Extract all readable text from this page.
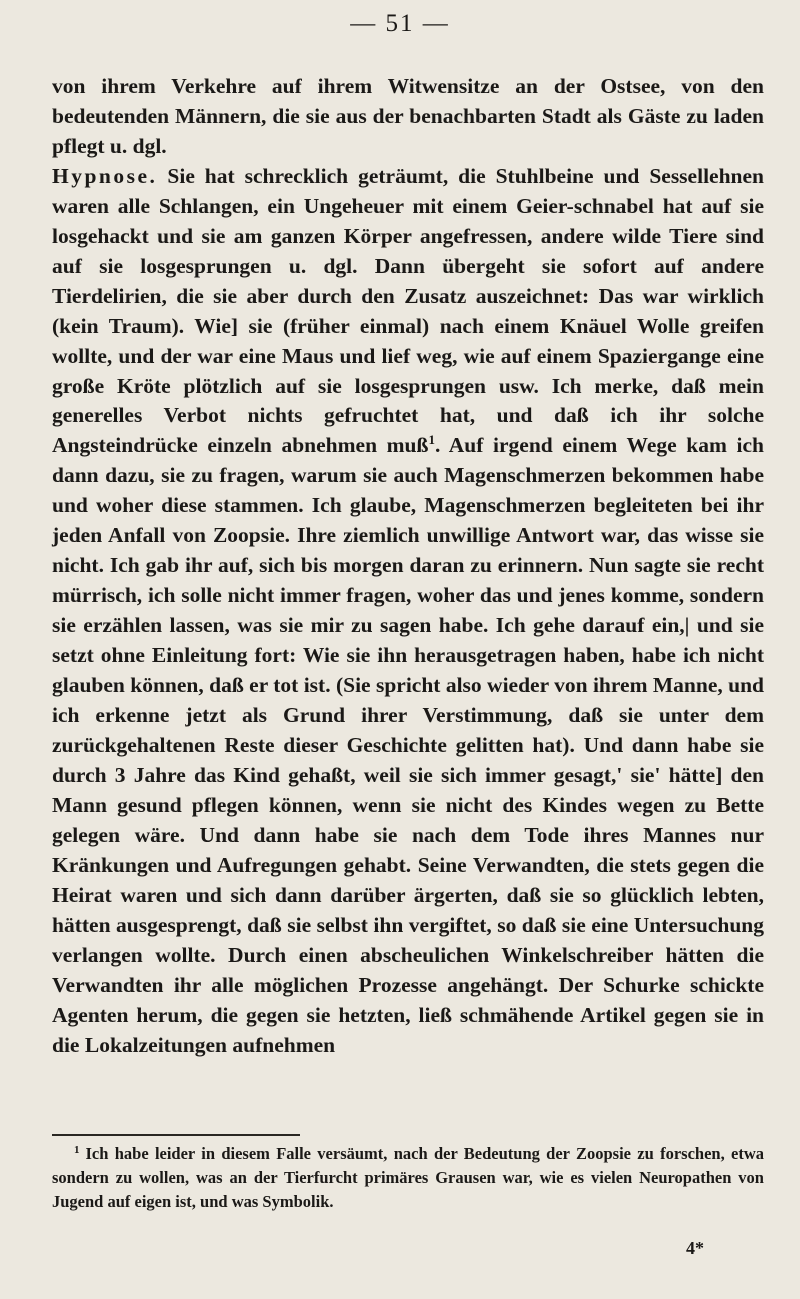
— 51 —

von ihrem Verkehre auf ihrem Witwensitze an der Ostsee, von den bedeutenden Männern, die sie aus der benachbarten Stadt als Gäste zu laden pflegt u. dgl.

Hypnose. Sie hat schrecklich geträumt, die Stuhlbeine und Sessellehnen waren alle Schlangen, ein Ungeheuer mit einem Geier-schnabel hat auf sie losgehackt und sie am ganzen Körper angefressen, andere wilde Tiere sind auf sie losgesprungen u. dgl. Dann übergeht sie sofort auf andere Tierdelirien, die sie aber durch den Zusatz auszeichnet: Das war wirklich (kein Traum). Wie] sie (früher einmal) nach einem Knäuel Wolle greifen wollte, und der war eine Maus und lief weg, wie auf einem Spaziergange eine große Kröte plötzlich auf sie losgesprungen usw. Ich merke, daß mein generelles Verbot nichts gefruchtet hat, und daß ich ihr solche Angsteindrücke einzeln abnehmen muß$^1$. Auf irgend einem Wege kam ich dann dazu, sie zu fragen, warum sie auch Magenschmerzen bekommen habe und woher diese stammen. Ich glaube, Magenschmerzen begleiteten bei ihr jeden Anfall von Zoopsie. Ihre ziemlich unwillige Antwort war, das wisse sie nicht. Ich gab ihr auf, sich bis morgen daran zu erinnern. Nun sagte sie recht mürrisch, ich solle nicht immer fragen, woher das und jenes komme, sondern sie erzählen lassen, was sie mir zu sagen habe. Ich gehe darauf ein,| und sie setzt ohne Einleitung fort: Wie sie ihn herausgetragen haben, habe ich nicht glauben können, daß er tot ist. (Sie spricht also wieder von ihrem Manne, und ich erkenne jetzt als Grund ihrer Verstimmung, daß sie unter dem zurückgehaltenen Reste dieser Geschichte gelitten hat). Und dann habe sie durch 3 Jahre das Kind gehaßt, weil sie sich immer gesagt,' sie' hätte] den Mann gesund pflegen können, wenn sie nicht des Kindes wegen zu Bette gelegen wäre. Und dann habe sie nach dem Tode ihres Mannes nur Kränkungen und Aufregungen gehabt. Seine Verwandten, die stets gegen die Heirat waren und sich dann darüber ärgerten, daß sie so glücklich lebten, hätten ausgesprengt, daß sie selbst ihn vergiftet, so daß sie eine Untersuchung verlangen wollte. Durch einen abscheulichen Winkelschreiber hätten die Verwandten ihr alle möglichen Prozesse angehängt. Der Schurke schickte Agenten herum, die gegen sie hetzten, ließ schmähende Artikel gegen sie in die Lokalzeitungen aufnehmen

$^1$ Ich habe leider in diesem Falle versäumt, nach der Bedeutung der Zoopsie zu forschen, etwa sondern zu wollen, was an der Tierfurcht primäres Grausen war, wie es vielen Neuropathen von Jugend auf eigen ist, und was Symbolik.
4*
